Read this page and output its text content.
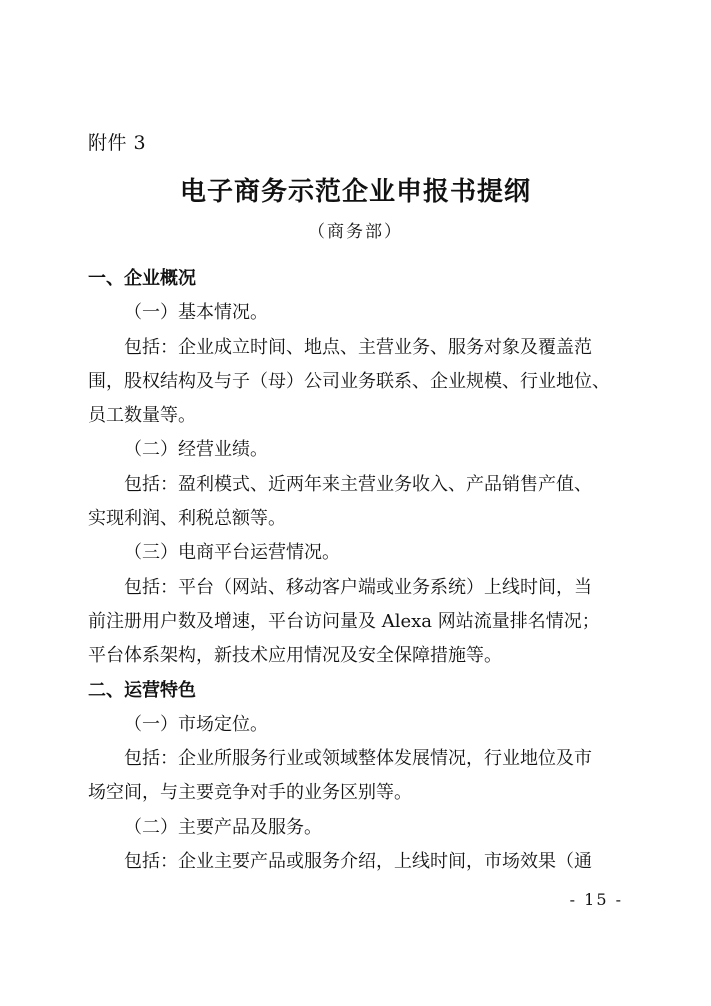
附件 3
电子商务示范企业申报书提纲
（商务部）
一、企业概况
（一）基本情况。
包括：企业成立时间、地点、主营业务、服务对象及覆盖范
围，股权结构及与子（母）公司业务联系、企业规模、行业地位、
员工数量等。
（二）经营业绩。
包括：盈利模式、近两年来主营业务收入、产品销售产值、
实现利润、利税总额等。
（三）电商平台运营情况。
包括：平台（网站、移动客户端或业务系统）上线时间，当
前注册用户数及增速，平台访问量及 Alexa 网站流量排名情况；
平台体系架构，新技术应用情况及安全保障措施等。
二、运营特色
（一）市场定位。
包括：企业所服务行业或领域整体发展情况，行业地位及市
场空间，与主要竞争对手的业务区别等。
（二）主要产品及服务。
包括：企业主要产品或服务介绍，上线时间，市场效果（通
- 15 -
